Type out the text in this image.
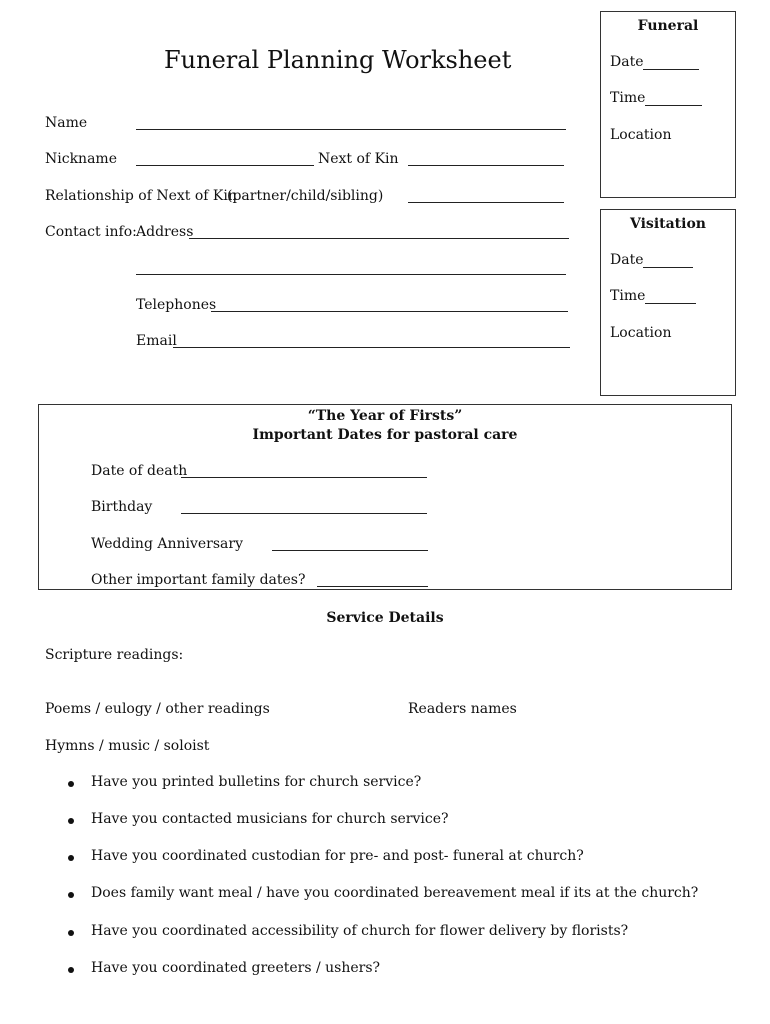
Funeral Planning Worksheet
Funeral
Date
Time
Location
Visitation
Date
Time
Location
Name
Nickname	Next of Kin
Relationship of Next of Kin
(partner/child/sibling)
Contact info: Address
Telephones
Email
“The Year of Firsts”
Important Dates for pastoral care
Date of death
Birthday
Wedding Anniversary
Other important family dates?
Service Details
Scripture readings:
Poems / eulogy / other readings	Readers names
Hymns / music / soloist
Have you printed bulletins for church service?
Have you contacted musicians for church service?
Have you coordinated custodian for pre- and post- funeral at church?
Does family want meal / have you coordinated bereavement meal if its at the church?
Have you coordinated accessibility of church for flower delivery by florists?
Have you coordinated greeters / ushers?
